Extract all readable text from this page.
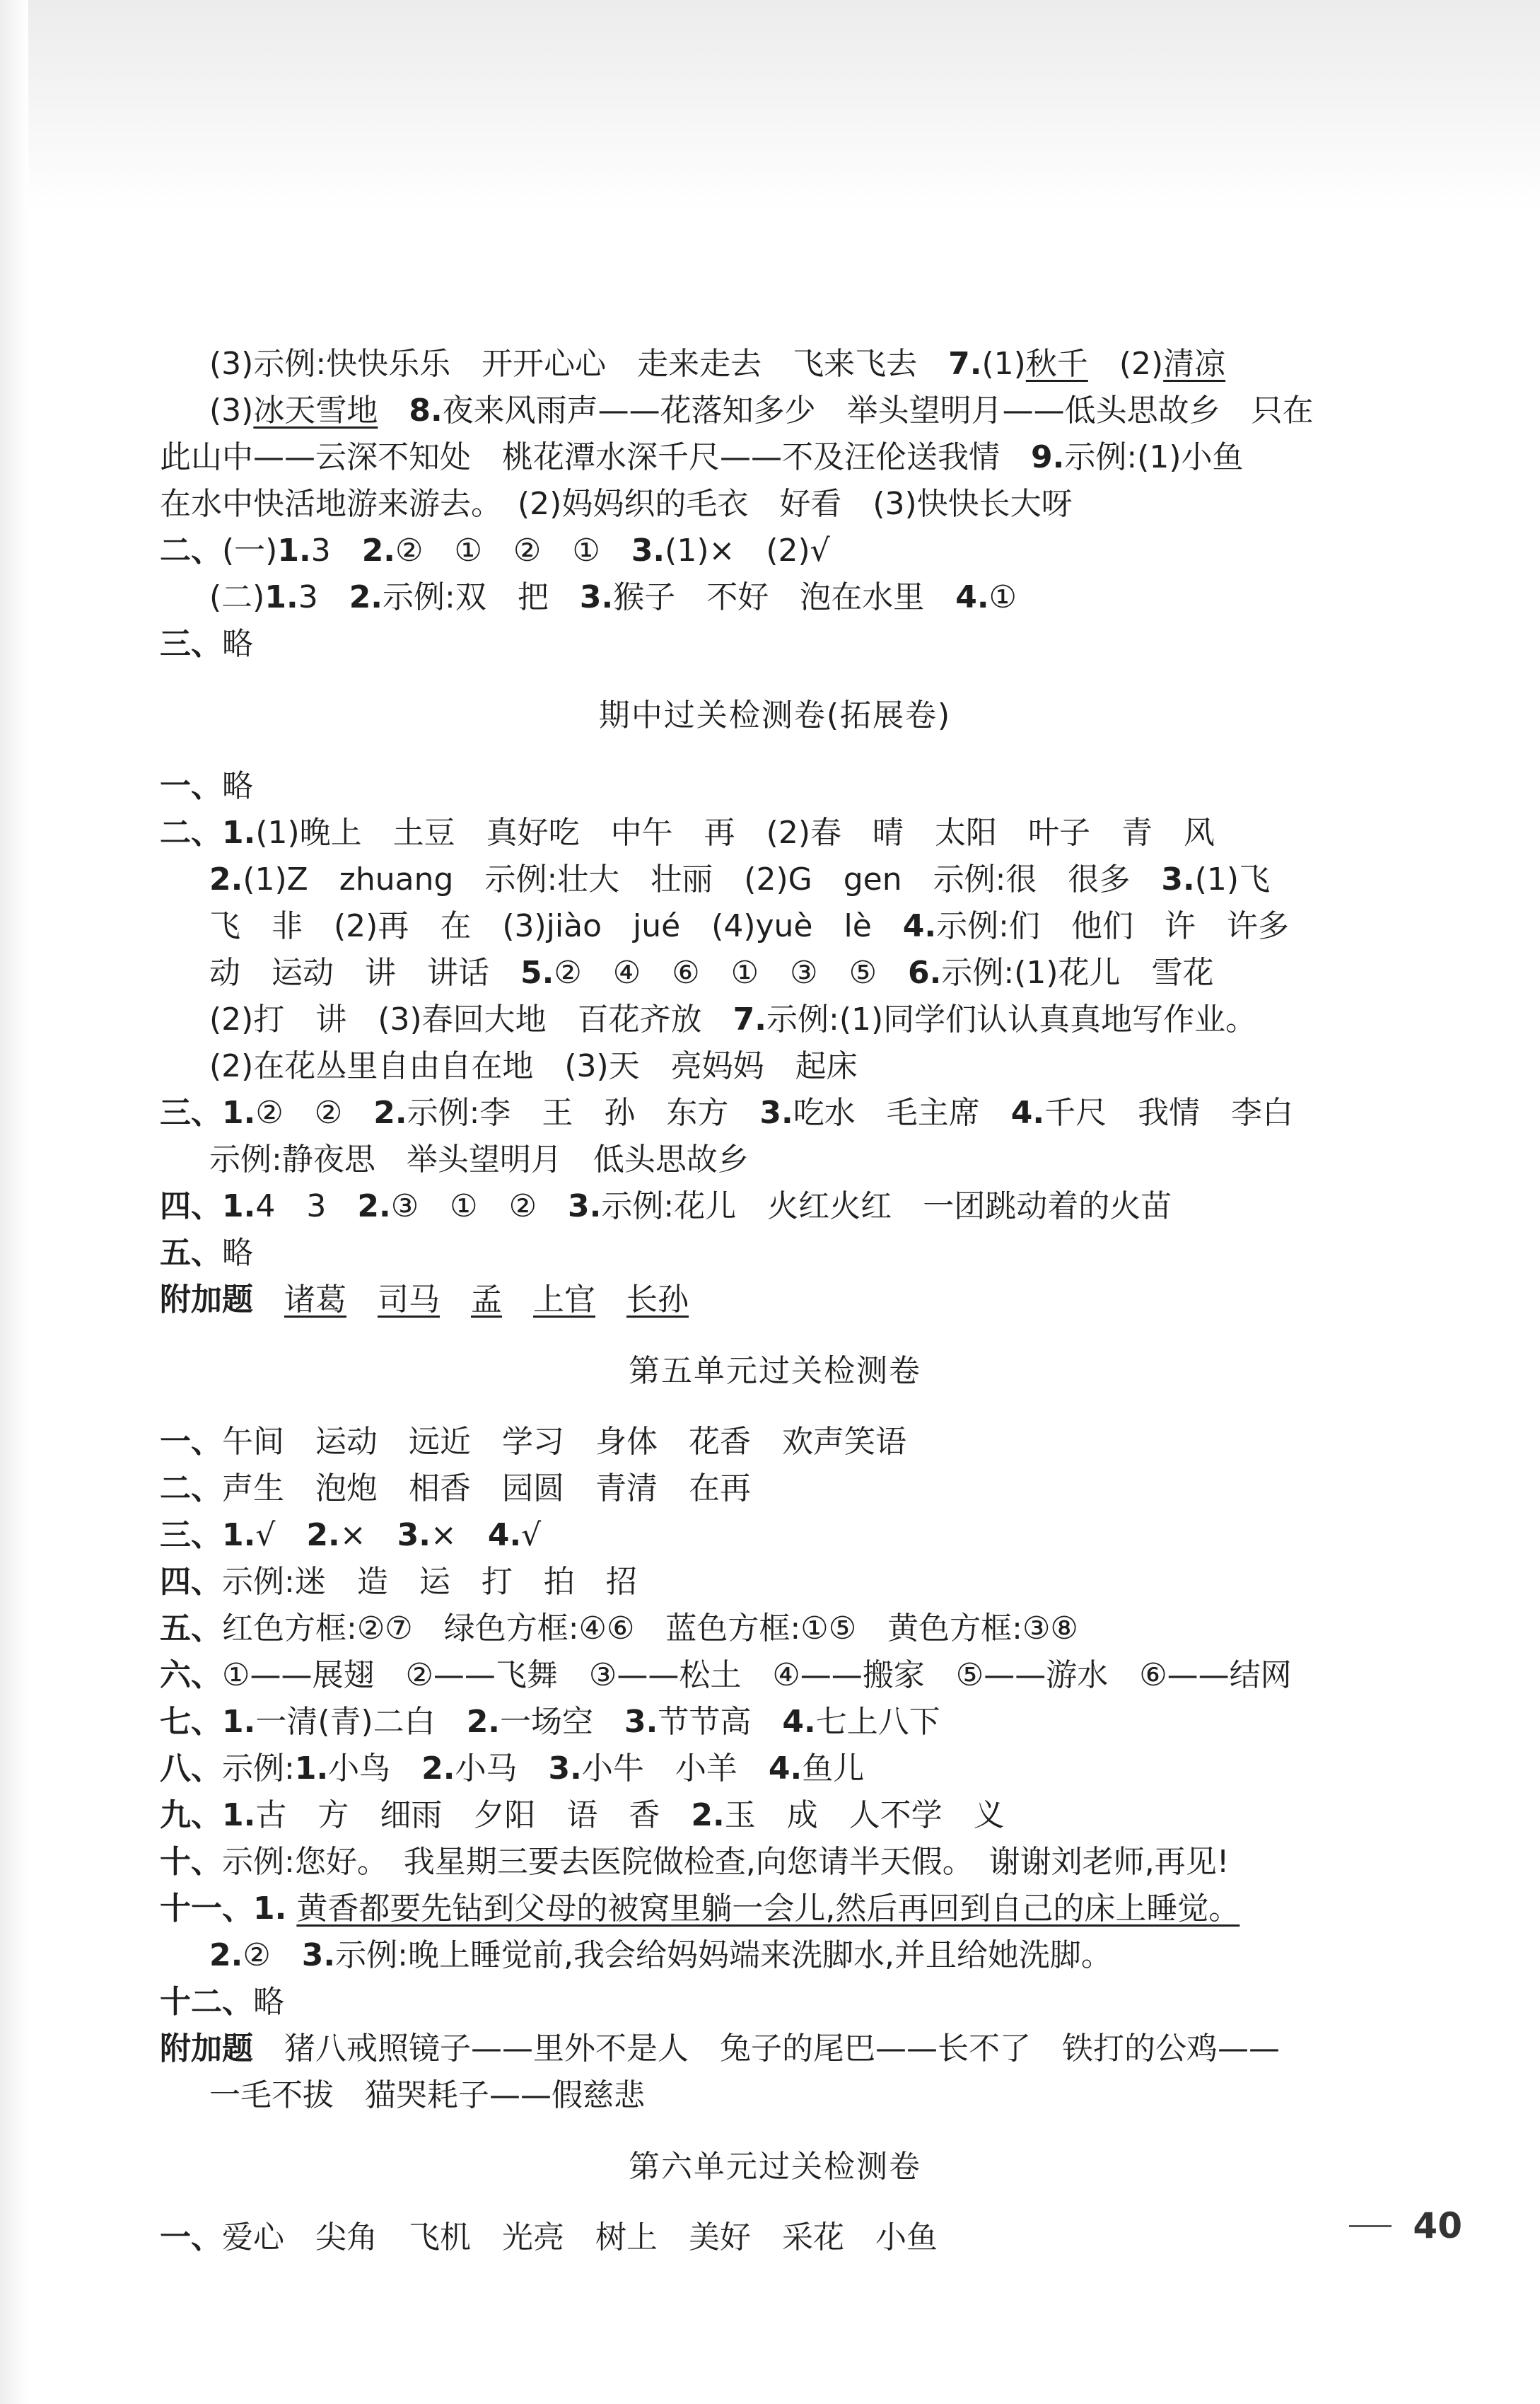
(3)示例:快快乐乐　开开心心　走来走去　飞来飞去　 7. (1) 秋千 　(2) 清凉
(3) 冰天雪地
　 8. 夜来风雨声——花落知多少　举头望明月——低头思故乡　只在
此山中——云深不知处　桃花潭水深千尺——不及汪伦送我情　 9. 示例:(1)小鱼
在水中快活地游来游去。　(2)妈妈织的毛衣　好看　(3)快快长大呀
二、 (一) 1. 3　 2. ②　①　②　①　 3. (1)×　(2)√
(二) 1. 3　 2. 示例:双　把　 3. 猴子　不好　泡在水里　 4. ①
三、 略
期中过关检测卷(拓展卷)
一、 略
二、 1. (1)晚上　土豆　真好吃　中午　再　(2)春　晴　太阳　叶子　青　风
2. (1)Z　zhuang　示例:壮大　壮丽　(2)G　gen　示例:很　很多　 3. (1)飞
飞　非　(2)再　在　(3)jiào　jué　(4)yuè　lè　 4. 示例:们　他们　许　许多
动　运动　讲　讲话　 5. ②　④　⑥　①　③　⑤　 6. 示例:(1)花儿　雪花
(2)打　讲　(3)春回大地　百花齐放　 7. 示例:(1)同学们认认真真地写作业。
(2)在花丛里自由自在地　(3)天　亮妈妈　起床
三、 1. ②　②　 2. 示例:李　王　孙　东方　 3. 吃水　毛主席　 4. 千尺　我情　李白
示例:静夜思　举头望明月　低头思故乡
四、 1. 4　3　 2. ③　①　②　 3. 示例:花儿　火红火红　一团跳动着的火苗
五、 略
附加题
　 诸葛
　 司马
　 孟
　 上官
　 长孙
第五单元过关检测卷
一、 午间　运动　远近　学习　身体　花香　欢声笑语
二、 声生　泡炮　相香　园圆　青清　在再
三、 1. √　 2. ×　 3. ×　 4. √
四、 示例:迷　造　运　打　拍　招
五、 红色方框:②⑦　绿色方框:④⑥　蓝色方框:①⑤　黄色方框:③⑧
六、 ①——展翅　②——飞舞　③——松土　④——搬家　⑤——游水　⑥——结网
七、 1. 一清(青)二白　 2. 一场空　 3. 节节高　 4. 七上八下
八、 示例: 1. 小鸟　 2. 小马　 3. 小牛　小羊　 4. 鱼儿
九、 1. 古　方　细雨　夕阳　语　香　 2. 玉　成　人不学　义
十、 示例:您好。　我星期三要去医院做检查,向您请半天假。　谢谢刘老师,再见!
十一、 1.
黄香都要先钻到父母的被窝里躺一会儿,然后再回到自己的床上睡觉。
2. ②　 3. 示例:晚上睡觉前,我会给妈妈端来洗脚水,并且给她洗脚。
十二、 略
附加题 　猪八戒照镜子——里外不是人　兔子的尾巴——长不了　铁打的公鸡——
一毛不拔　猫哭耗子——假慈悲
第六单元过关检测卷
一、 爱心　尖角　飞机　光亮　树上　美好　采花　小鱼	40
